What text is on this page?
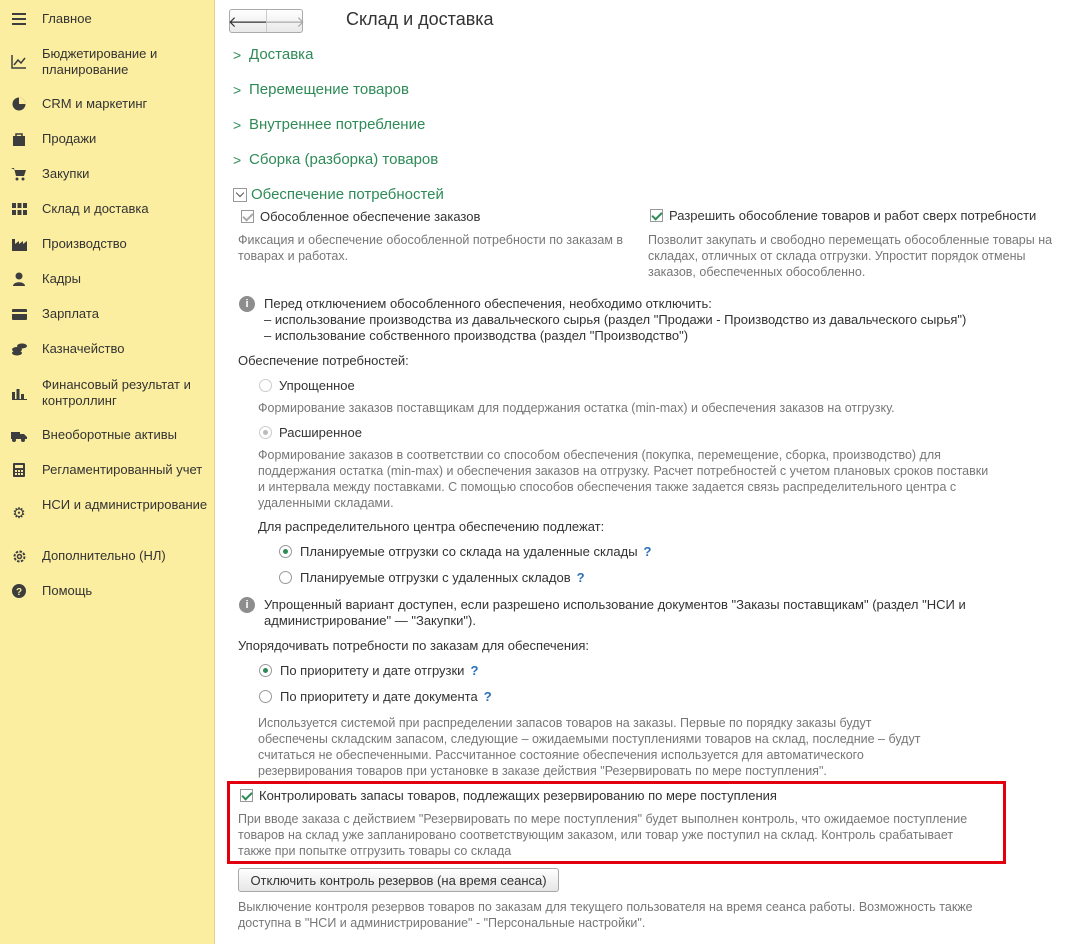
Главное
Бюджетирование и планирование
CRM и маркетинг
Продажи
Закупки
Склад и доставка
Производство
Кадры
Зарплата
Казначейство
Финансовый результат и контроллинг
Внеоборотные активы
Регламентированный учет
⚙
НСИ и администрирование
Дополнительно (НЛ)
? Помощь
🡐
🡒 Склад и доставка
> Доставка
> Перемещение товаров
> Внутреннее потребление
> Сборка (разборка) товаров
Обеспечение потребностей
Обособленное обеспечение заказов
Фиксация и обеспечение обособленной потребности по заказам в товарах и работах.
Разрешить обособление товаров и работ сверх потребности
Позволит закупать и свободно перемещать обособленные товары на складах, отличных от склада отгрузки. Упростит порядок отмены заказов, обеспеченных обособленно.
i	Перед отключением обособленного обеспечения, необходимо отключить:
– использование производства из давальческого сырья (раздел "Продажи - Производство из давальческого сырья")
– использование собственного производства (раздел "Производство")
Обеспечение потребностей:
Упрощенное
Формирование заказов поставщикам для поддержания остатка (min-max) и обеспечения заказов на отгрузку.
Расширенное
Формирование заказов в соответствии со способом обеспечения (покупка, перемещение, сборка, производство) для поддержания остатка (min-max) и обеспечения заказов на отгрузку. Расчет потребностей с учетом плановых сроков поставки и интервала между поставками. С помощью способов обеспечения также задается связь распределительного центра с удаленными складами.
Для распределительного центра обеспечению подлежат:
Планируемые отгрузки со склада на удаленные склады ?
Планируемые отгрузки с удаленных складов ?
i	Упрощенный вариант доступен, если разрешено использование документов "Заказы поставщикам" (раздел "НСИ и администрирование" — "Закупки").
Упорядочивать потребности по заказам для обеспечения:
По приоритету и дате отгрузки ?
По приоритету и дате документа ?
Используется системой при распределении запасов товаров на заказы. Первые по порядку заказы будут обеспечены складским запасом, следующие – ожидаемыми поступлениями товаров на склад, последние – будут считаться не обеспеченными. Рассчитанное состояние обеспечения используется для автоматического резервирования товаров при установке в заказе действия "Резервировать по мере поступления".
Контролировать запасы товаров, подлежащих резервированию по мере поступления
При вводе заказа с действием "Резервировать по мере поступления" будет выполнен контроль, что ожидаемое поступление товаров на склад уже запланировано соответствующим заказом, или товар уже поступил на склад. Контроль срабатывает также при попытке отгрузить товары со склада
Отключить контроль резервов (на время сеанса)
Выключение контроля резервов товаров по заказам для текущего пользователя на время сеанса работы. Возможность также доступна в "НСИ и администрирование" - "Персональные настройки".
